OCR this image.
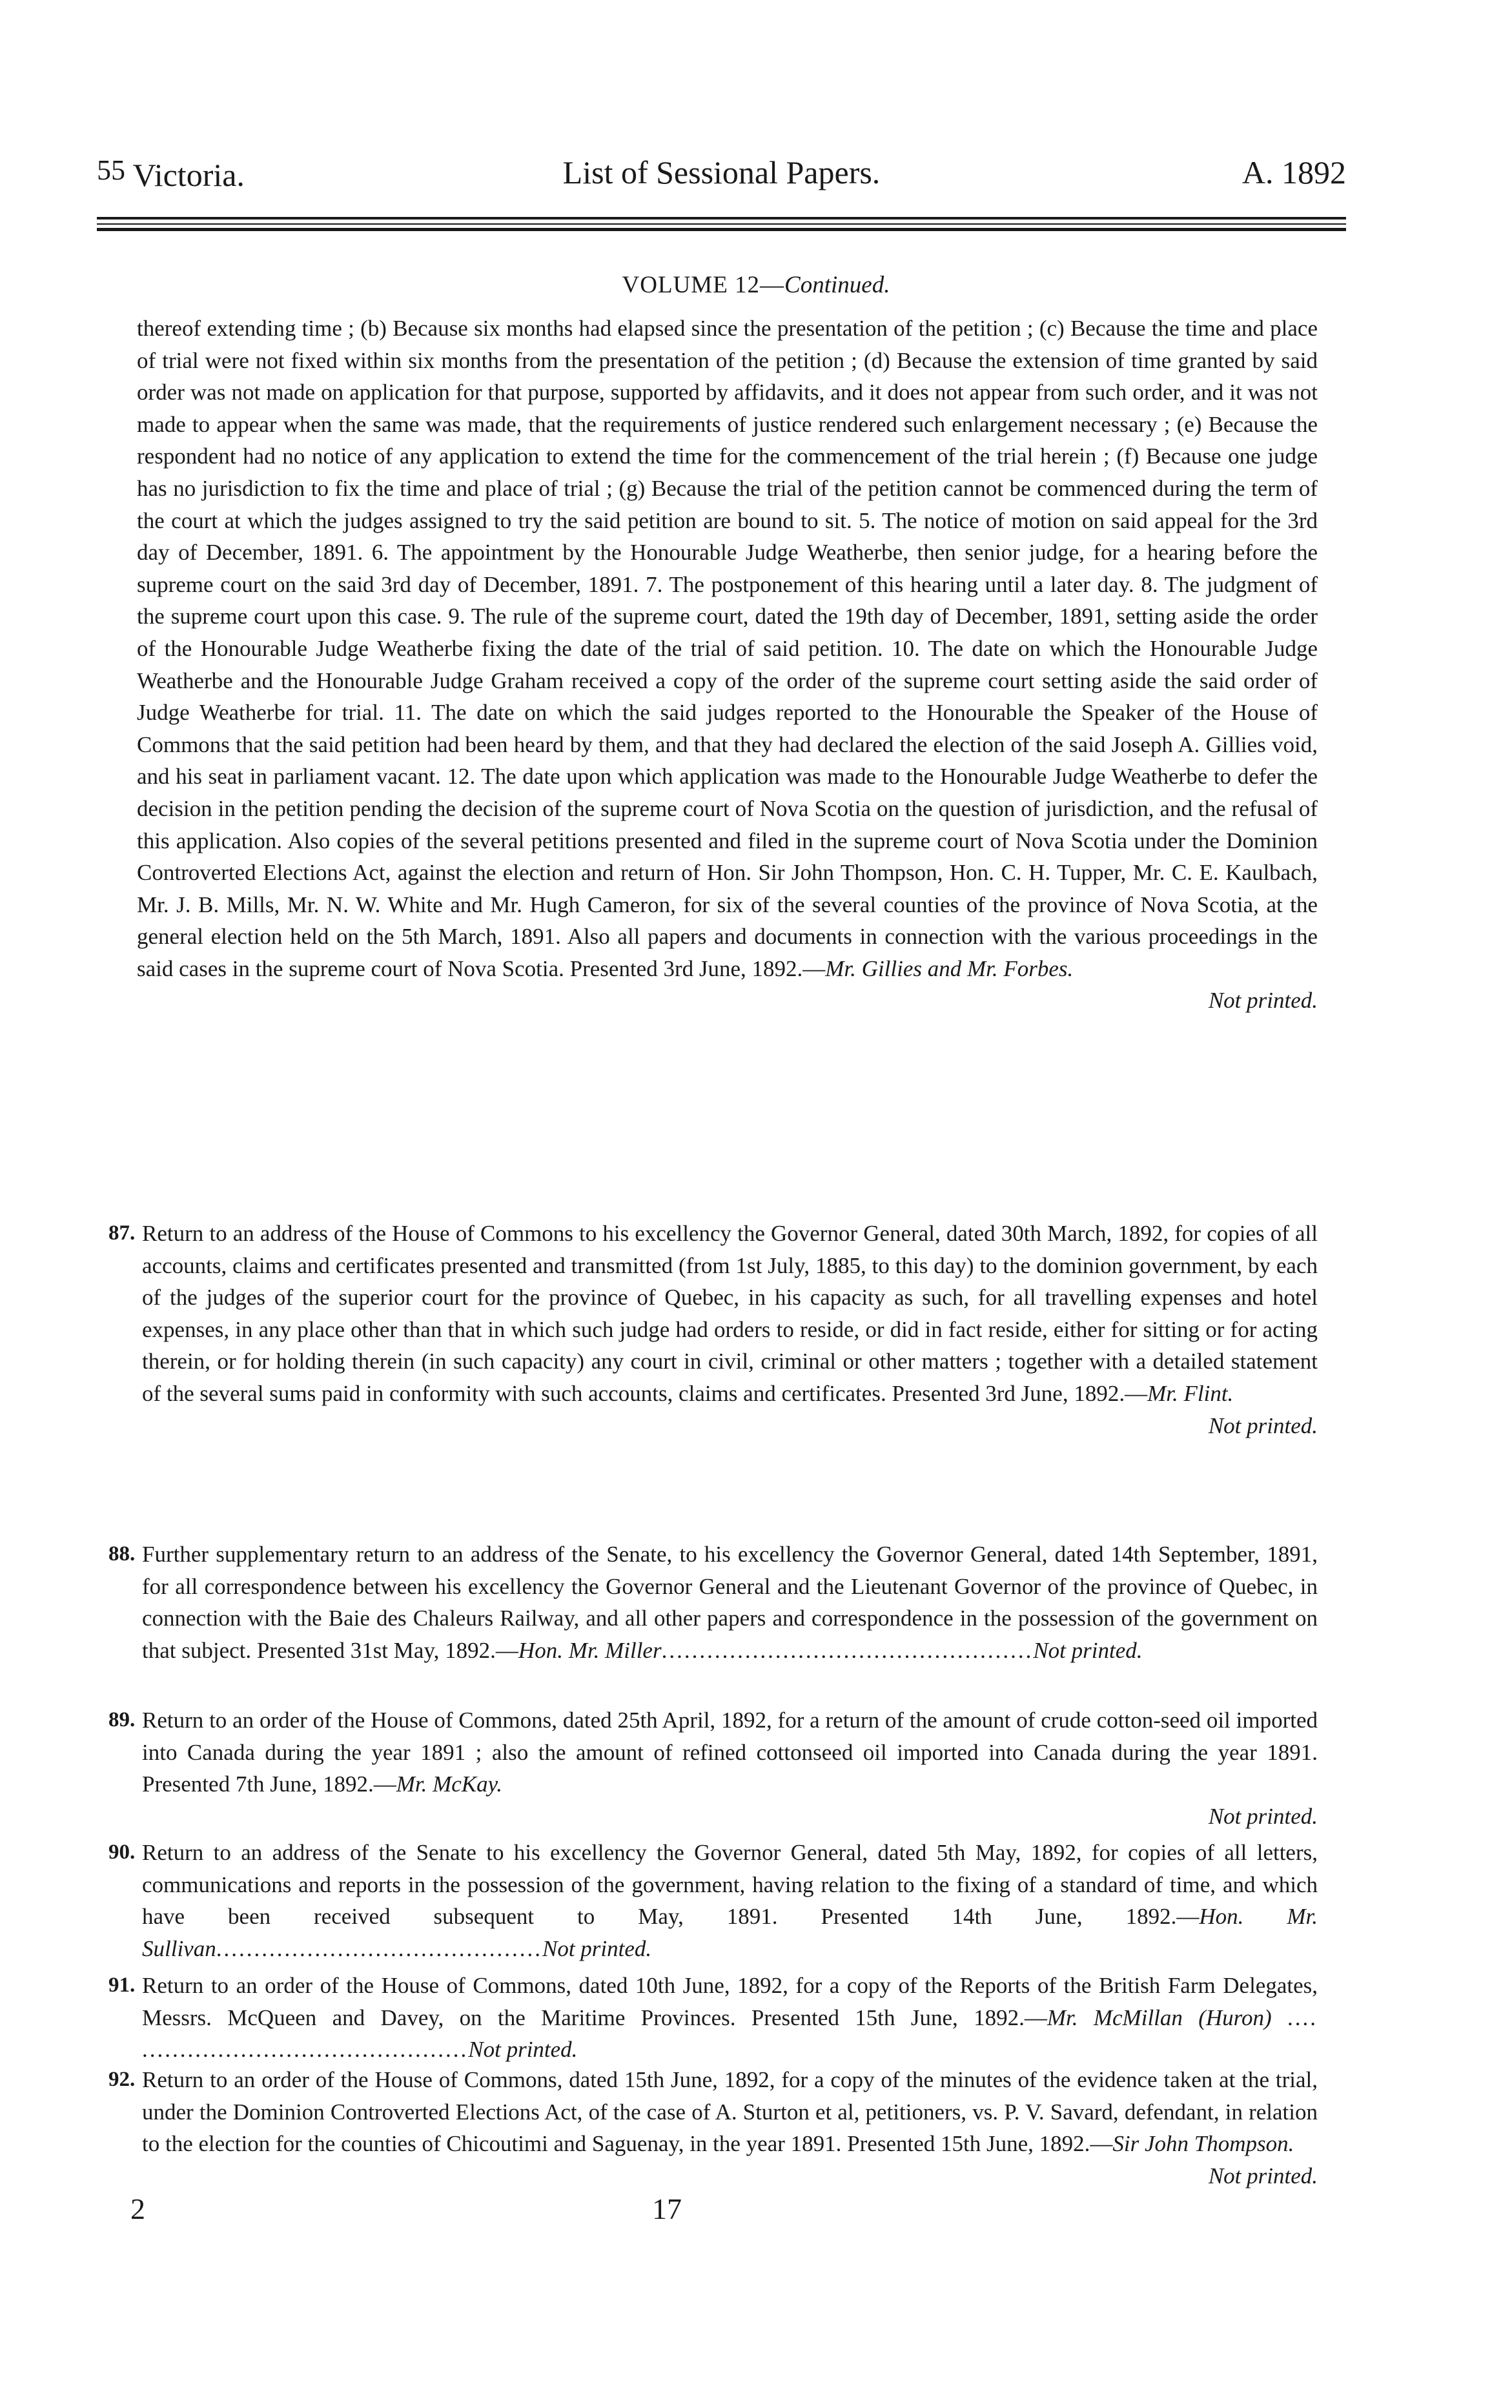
55 Victoria.	List of Sessional Papers.	A. 1892
VOLUME 12—Continued.

thereof extending time ; (b) Because six months had elapsed since the presentation of the petition ; (c) Because the time and place of trial were not fixed within six months from the presentation of the petition ; (d) Because the extension of time granted by said order was not made on application for that purpose, supported by affidavits, and it does not appear from such order, and it was not made to appear when the same was made, that the requirements of justice rendered such enlargement necessary ; (e) Because the respondent had no notice of any application to extend the time for the commencement of the trial herein ; (f) Because one judge has no jurisdiction to fix the time and place of trial ; (g) Because the trial of the petition cannot be commenced during the term of the court at which the judges assigned to try the said petition are bound to sit. 5. The notice of motion on said appeal for the 3rd day of December, 1891. 6. The appointment by the Honourable Judge Weatherbe, then senior judge, for a hearing before the supreme court on the said 3rd day of December, 1891. 7. The postponement of this hearing until a later day. 8. The judgment of the supreme court upon this case. 9. The rule of the supreme court, dated the 19th day of December, 1891, setting aside the order of the Honourable Judge Weatherbe fixing the date of the trial of said petition. 10. The date on which the Honourable Judge Weatherbe and the Honourable Judge Graham received a copy of the order of the supreme court setting aside the said order of Judge Weatherbe for trial. 11. The date on which the said judges reported to the Honourable the Speaker of the House of Commons that the said petition had been heard by them, and that they had declared the election of the said Joseph A. Gillies void, and his seat in parliament vacant. 12. The date upon which application was made to the Honourable Judge Weatherbe to defer the decision in the petition pending the decision of the supreme court of Nova Scotia on the question of jurisdiction, and the refusal of this application. Also copies of the several petitions presented and filed in the supreme court of Nova Scotia under the Dominion Controverted Elections Act, against the election and return of Hon. Sir John Thompson, Hon. C. H. Tupper, Mr. C. E. Kaulbach, Mr. J. B. Mills, Mr. N. W. White and Mr. Hugh Cameron, for six of the several counties of the province of Nova Scotia, at the general election held on the 5th March, 1891. Also all papers and documents in connection with the various proceedings in the said cases in the supreme court of Nova Scotia. Presented 3rd June, 1892.—Mr. Gillies and Mr. Forbes.

Not printed.
87. Return to an address of the House of Commons to his excellency the Governor General, dated 30th March, 1892, for copies of all accounts, claims and certificates presented and transmitted (from 1st July, 1885, to this day) to the dominion government, by each of the judges of the superior court for the province of Quebec, in his capacity as such, for all travelling expenses and hotel expenses, in any place other than that in which such judge had orders to reside, or did in fact reside, either for sitting or for acting therein, or for holding therein (in such capacity) any court in civil, criminal or other matters ; together with a detailed statement of the several sums paid in conformity with such accounts, claims and certificates. Presented 3rd June, 1892.—Mr. Flint.
Not printed.
88. Further supplementary return to an address of the Senate, to his excellency the Governor General, dated 14th September, 1891, for all correspondence between his excellency the Governor General and the Lieutenant Governor of the province of Quebec, in connection with the Baie des Chaleurs Railway, and all other papers and correspondence in the possession of the government on that subject. Presented 31st May, 1892.—Hon. Mr. Miller.................................................Not printed.
89. Return to an order of the House of Commons, dated 25th April, 1892, for a return of the amount of crude cotton-seed oil imported into Canada during the year 1891 ; also the amount of refined cottonseed oil imported into Canada during the year 1891. Presented 7th June, 1892.—Mr. McKay.
Not printed.
90. Return to an address of the Senate to his excellency the Governor General, dated 5th May, 1892, for copies of all letters, communications and reports in the possession of the government, having relation to the fixing of a standard of time, and which have been received subsequent to May, 1891. Presented 14th June, 1892.—Hon. Mr. Sullivan...........................................Not printed.
91. Return to an order of the House of Commons, dated 10th June, 1892, for a copy of the Reports of the British Farm Delegates, Messrs. McQueen and Davey, on the Maritime Provinces. Presented 15th June, 1892.—Mr. McMillan (Huron) .... ...........................................Not printed.
92. Return to an order of the House of Commons, dated 15th June, 1892, for a copy of the minutes of the evidence taken at the trial, under the Dominion Controverted Elections Act, of the case of A. Sturton et al, petitioners, vs. P. V. Savard, defendant, in relation to the election for the counties of Chicoutimi and Saguenay, in the year 1891. Presented 15th June, 1892.—Sir John Thompson.
Not printed.
2	17
